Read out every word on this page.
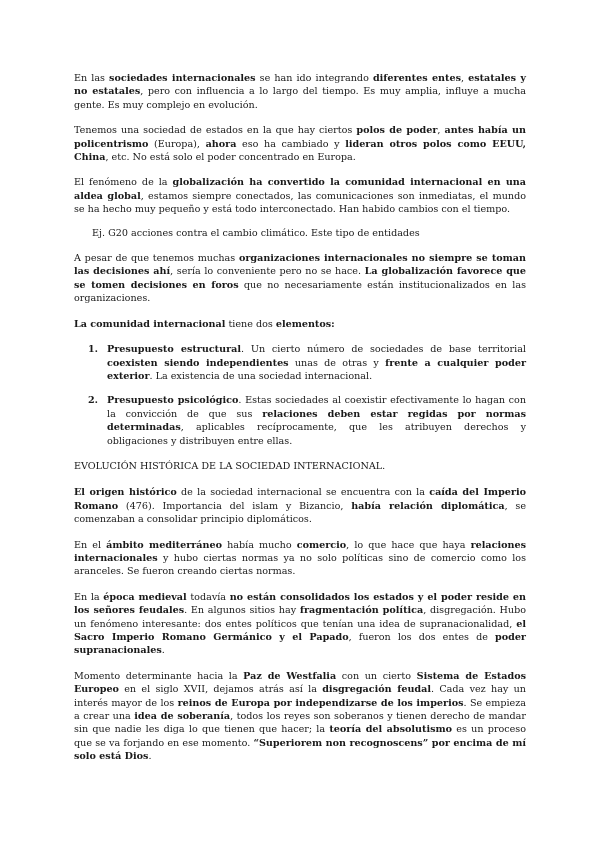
En las sociedades internacionales se han ido integrando diferentes entes, estatales y no estatales, pero con influencia a lo largo del tiempo. Es muy amplia, influye a mucha gente. Es muy complejo en evolución.

Tenemos una sociedad de estados en la que hay ciertos polos de poder, antes había un policentrismo (Europa), ahora eso ha cambiado y lideran otros polos como EEUU, China, etc. No está solo el poder concentrado en Europa.

El fenómeno de la globalización ha convertido la comunidad internacional en una aldea global, estamos siempre conectados, las comunicaciones son inmediatas, el mundo se ha hecho muy pequeño y está todo interconectado. Han habido cambios con el tiempo.

Ej. G20 acciones contra el cambio climático. Este tipo de entidades

A pesar de que tenemos muchas organizaciones internacionales no siempre se toman las decisiones ahí, sería lo conveniente pero no se hace. La globalización favorece que se tomen decisiones en foros que no necesariamente están institucionalizados en las organizaciones.

La comunidad internacional tiene dos elementos:

1. Presupuesto estructural. Un cierto número de sociedades de base territorial coexisten siendo independientes unas de otras y frente a cualquier poder exterior. La existencia de una sociedad internacional.
2. Presupuesto psicológico. Estas sociedades al coexistir efectivamente lo hagan con la convicción de que sus relaciones deben estar regidas por normas determinadas, aplicables recíprocamente, que les atribuyen derechos y obligaciones y distribuyen entre ellas.

EVOLUCIÓN HISTÓRICA DE LA SOCIEDAD INTERNACIONAL.

El origen histórico de la sociedad internacional se encuentra con la caída del Imperio Romano (476). Importancia del islam y Bizancio, había relación diplomática, se comenzaban a consolidar principio diplomáticos.

En el ámbito mediterráneo había mucho comercio, lo que hace que haya relaciones internacionales y hubo ciertas normas ya no solo políticas sino de comercio como los aranceles. Se fueron creando ciertas normas.

En la época medieval todavía no están consolidados los estados y el poder reside en los señores feudales. En algunos sitios hay fragmentación política, disgregación. Hubo un fenómeno interesante: dos entes políticos que tenían una idea de supranacionalidad, el Sacro Imperio Romano Germánico y el Papado, fueron los dos entes de poder supranacionales.

Momento determinante hacia la Paz de Westfalia con un cierto Sistema de Estados Europeo en el siglo XVII, dejamos atrás así la disgregación feudal. Cada vez hay un interés mayor de los reinos de Europa por independizarse de los imperios. Se empieza a crear una idea de soberanía, todos los reyes son soberanos y tienen derecho de mandar sin que nadie les diga lo que tienen que hacer; la teoría del absolutismo es un proceso que se va forjando en ese momento. “Superiorem non recognoscens” por encima de mí solo está Dios.
